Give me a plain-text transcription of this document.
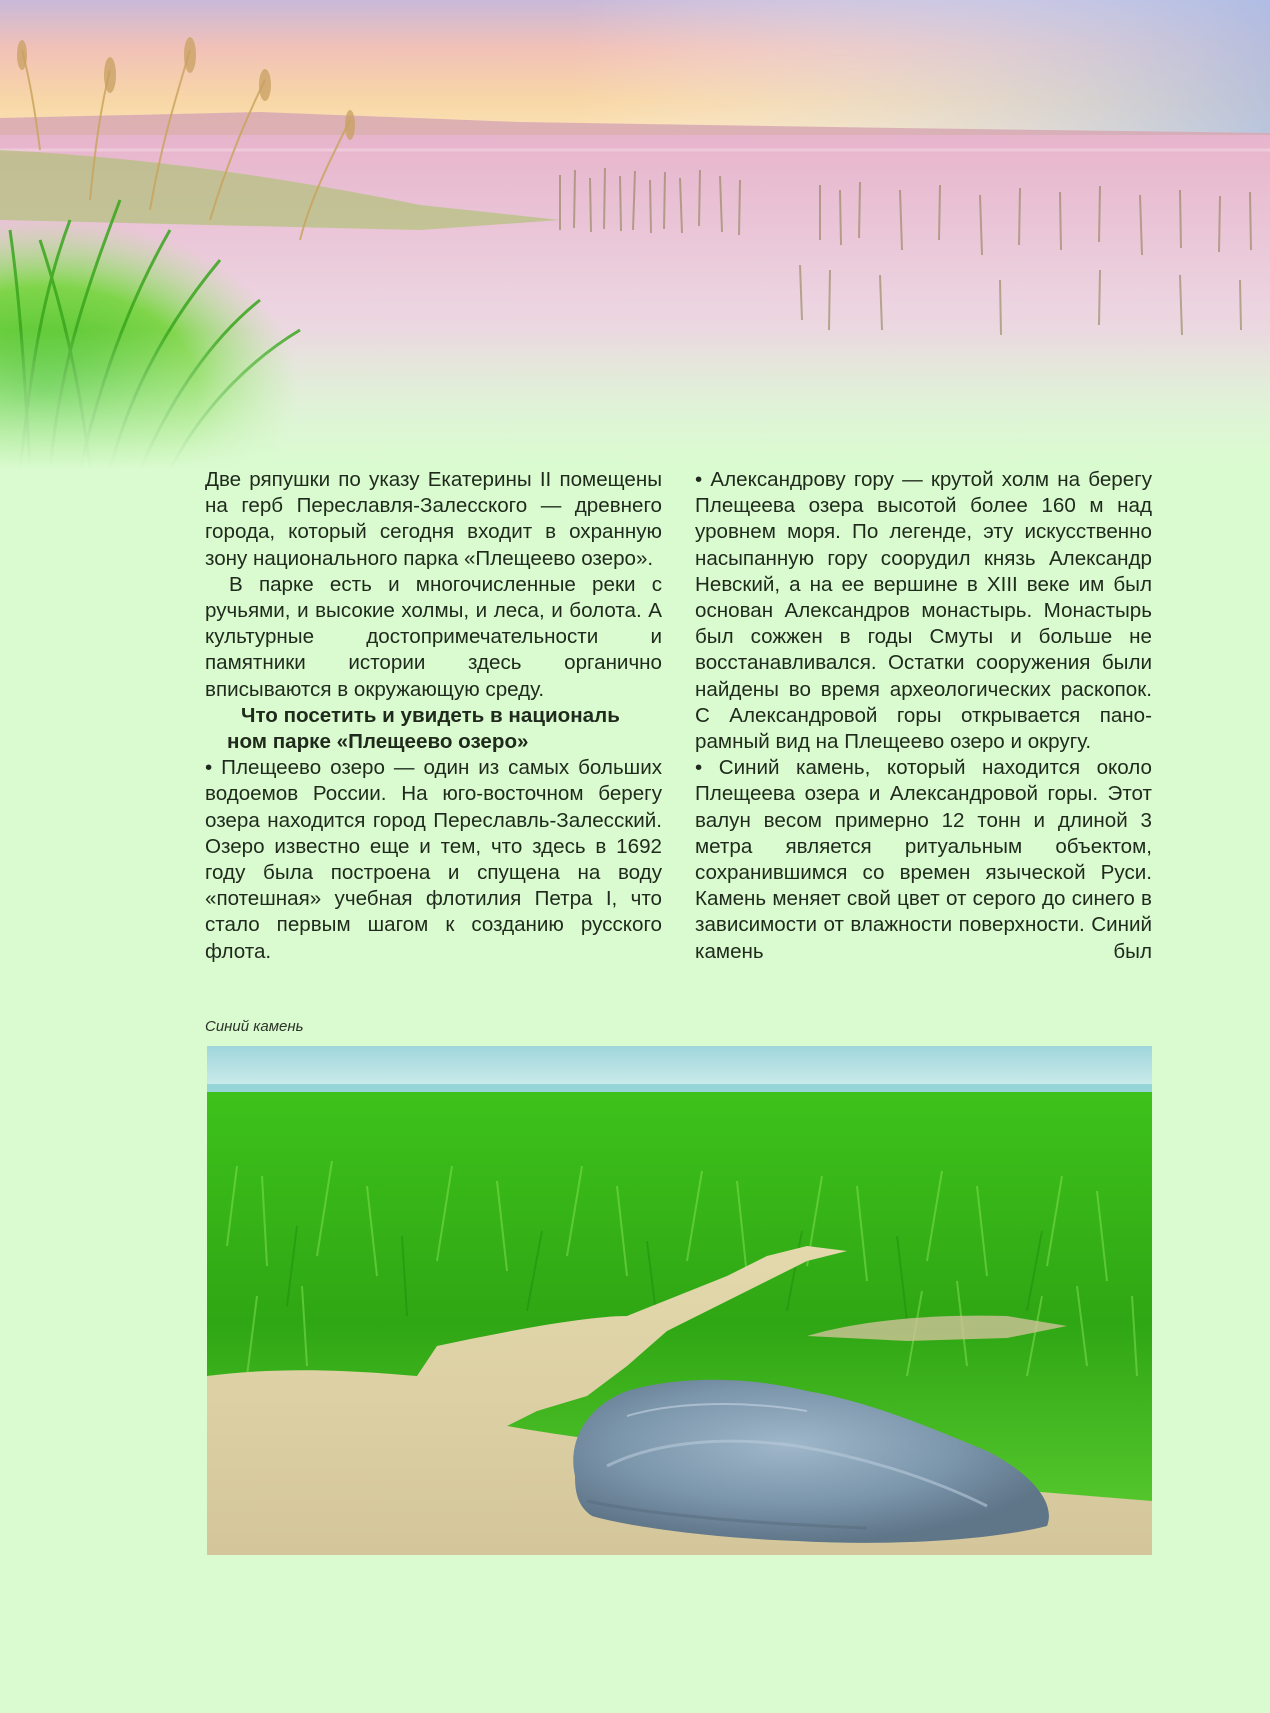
Две ряпушки по указу Екатерины II помещены на герб Переславля-Залесского — древнего города, который сегодня входит в охранную зону национального парка «Плещеево озеро».

В парке есть и многочисленные реки с ручьями, и высокие холмы, и леса, и болота. А культурные достопримечательности и памятники истории здесь органично вписываются в окружающую среду.

Что посетить и увидеть в националь
ном парке «Плещеево озеро»

• Плещеево озеро — один из самых больших водоемов России. На юго-восточном берегу озера находится город Переславль-Залесский. Озеро известно еще и тем, что здесь в 1692 году была построена и спущена на воду «потешная» учебная флотилия Петра I, что стало первым шагом к созданию русского флота.

• Александрову гору — крутой холм на берегу Плещеева озера высотой более 160 м над уровнем моря. По легенде, эту искусственно насыпанную гору соорудил князь Александр Невский, а на ее вершине в XIII веке им был основан Александров монастырь. Монастырь был сожжен в годы Смуты и больше не восстанавливался. Остатки сооружения были найдены во время археологических раскопок. С Александровой горы открывается панорамный вид на Плещеево озеро и округу.

• Синий камень, который находится около Плещеева озера и Александровой горы. Этот валун весом примерно 12 тонн и длиной 3 метра является ритуальным объектом, сохранившимся со времен языческой Руси. Камень меняет свой цвет от серого до синего в зависимости от влажности поверхности. Синий камень был

Синий камень
